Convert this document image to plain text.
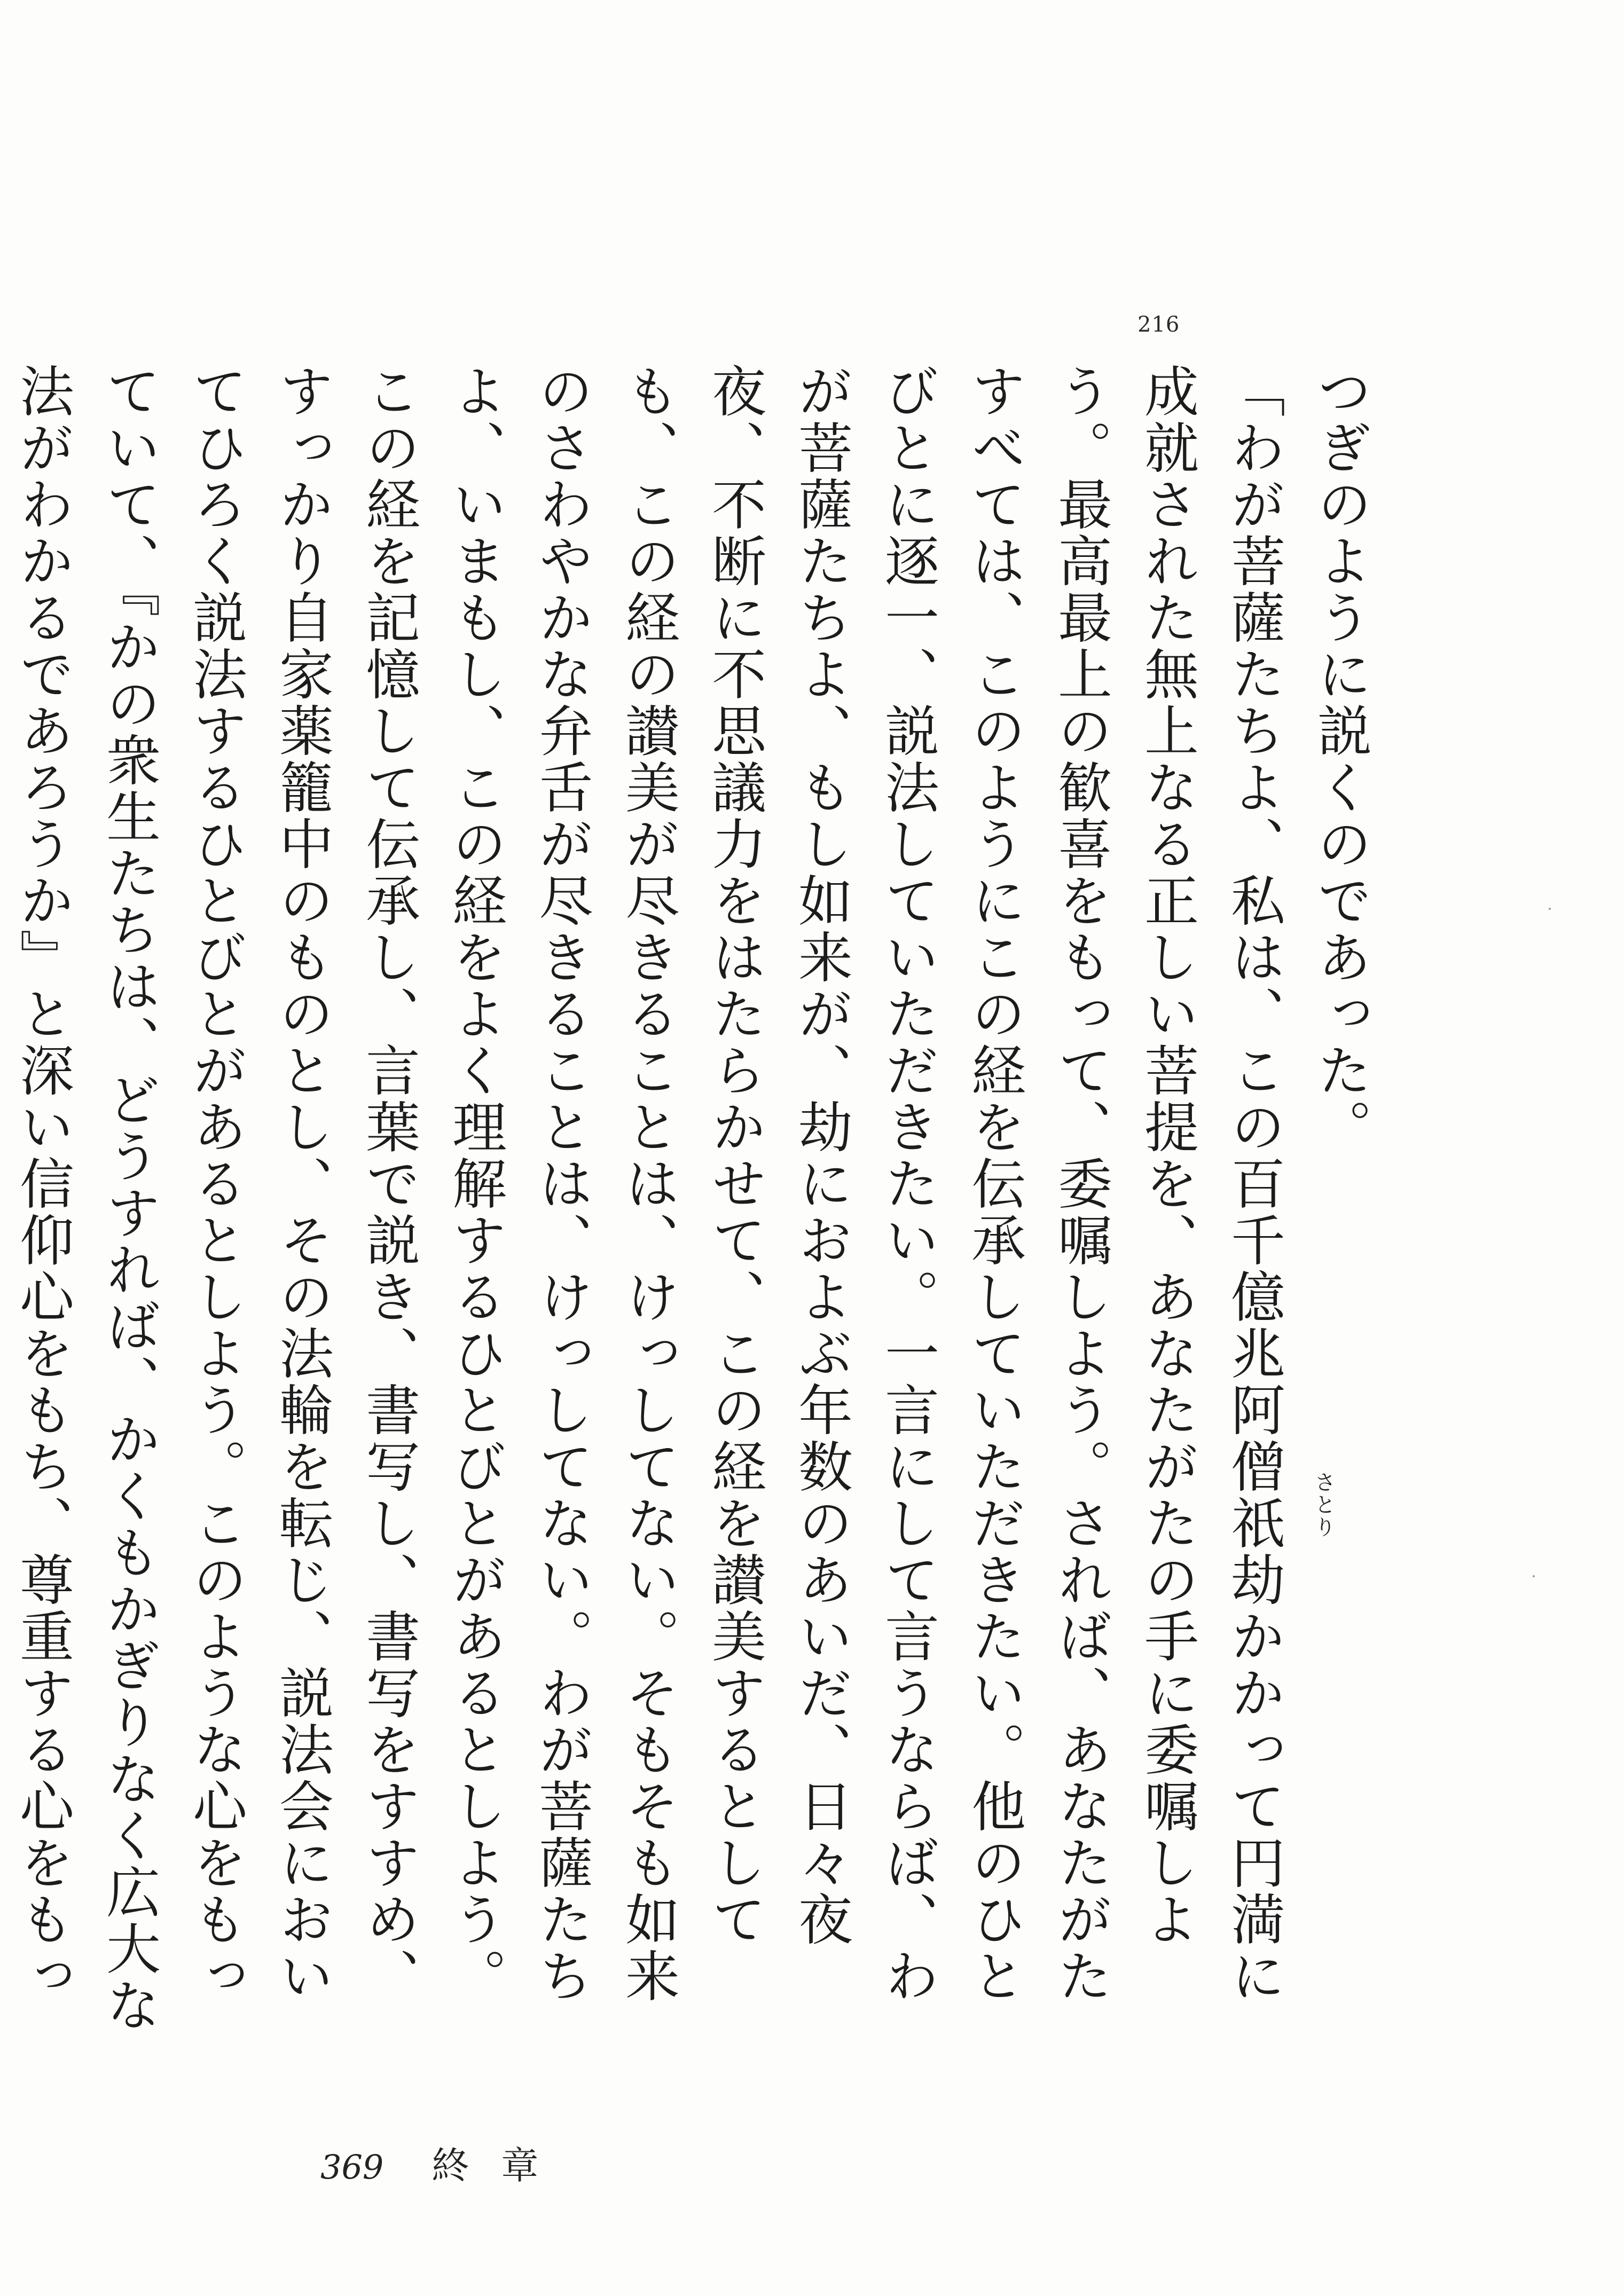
216

つぎのように説くのであった。

「わが菩薩たちよ、私は、この百千億兆阿僧祇劫かかって円満に成就された無上なる正しい菩提を、あなたがたの手に委嘱しよう。最高最上の歓喜をもって、委嘱しよう。されば、あなたがたすべては、このようにこの経を伝承していただきたい。他のひとびとに逐一、説法していただきたい。一言にして言うならば、わが菩薩たちよ、もし如来が、劫におよぶ年数のあいだ、日々夜夜、不断に不思議力をはたらかせて、この経を讃美するとしても、この経の讃美が尽きることは、けっしてない。そもそも如来のさわやかな弁舌が尽きることは、けっしてない。わが菩薩たちよ、いまもし、この経をよく理解するひとびとがあるとしよう。この経を記憶して伝承し、言葉で説き、書写し、書写をすすめ、すっかり自家薬籠中のものとし、その法輪を転じ、説法会においてひろく説法するひとびとがあるとしよう。このような心をもっていて、『かの衆生たちは、どうすれば、かくもかぎりなく広大な法がわかるであろうか』と深い信仰心をもち、尊重する心をもっ

さとり
369 終章
